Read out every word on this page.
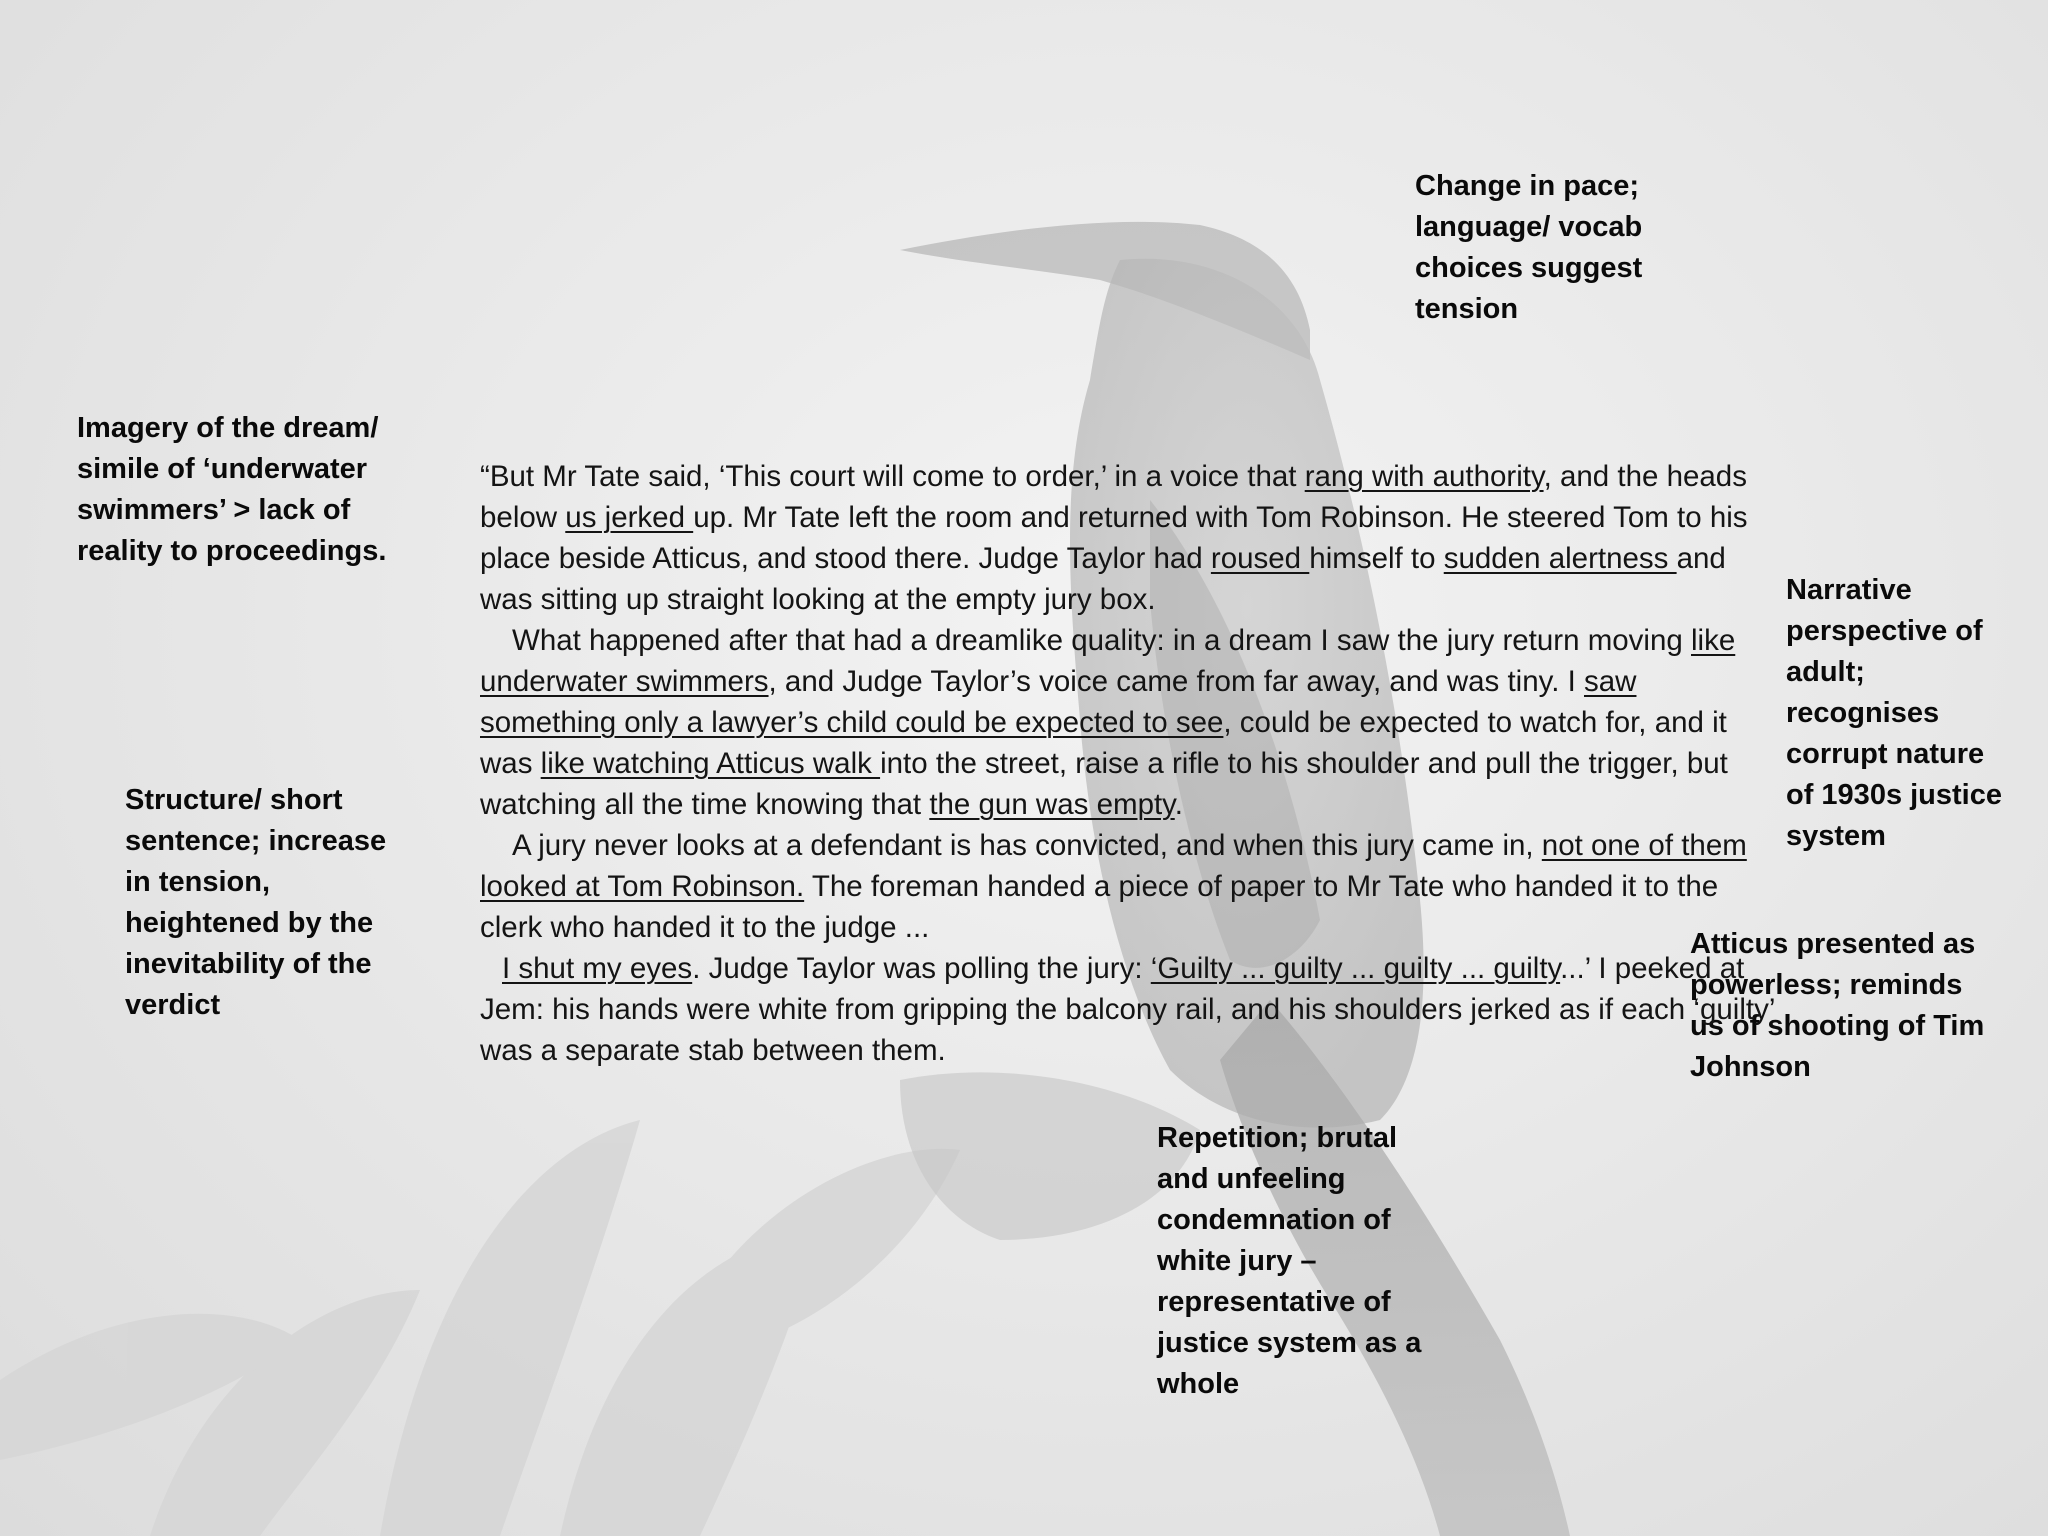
Change in pace; language/ vocab choices suggest tension
Imagery of the dream/ simile of ‘underwater swimmers’ > lack of reality to proceedings.
Structure/ short sentence; increase in tension, heightened by the inevitability of the verdict
Narrative perspective of adult; recognises corrupt nature of 1930s justice system
Atticus presented as powerless; reminds us of shooting of Tim Johnson
Repetition; brutal and unfeeling condemnation of white jury – representative of justice system as a whole

“But Mr Tate said, ‘This court will come to order,’ in a voice that rang with authority, and the heads below us jerked up. Mr Tate left the room and returned with Tom Robinson. He steered Tom to his place beside Atticus, and stood there. Judge Taylor had roused himself to sudden alertness and was sitting up straight looking at the empty jury box.

What happened after that had a dreamlike quality: in a dream I saw the jury return moving like underwater swimmers, and Judge Taylor’s voice came from far away, and was tiny. I saw something only a lawyer’s child could be expected to see, could be expected to watch for, and it was like watching Atticus walk into the street, raise a rifle to his shoulder and pull the trigger, but watching all the time knowing that the gun was empty.

A jury never looks at a defendant is has convicted, and when this jury came in, not one of them looked at Tom Robinson. The foreman handed a piece of paper to Mr Tate who handed it to the clerk who handed it to the judge ...

I shut my eyes. Judge Taylor was polling the jury: ‘Guilty ... guilty ... guilty ... guilty...’ I peeked at Jem: his hands were white from gripping the balcony rail, and his shoulders jerked as if each ‘guilty’ was a separate stab between them.
